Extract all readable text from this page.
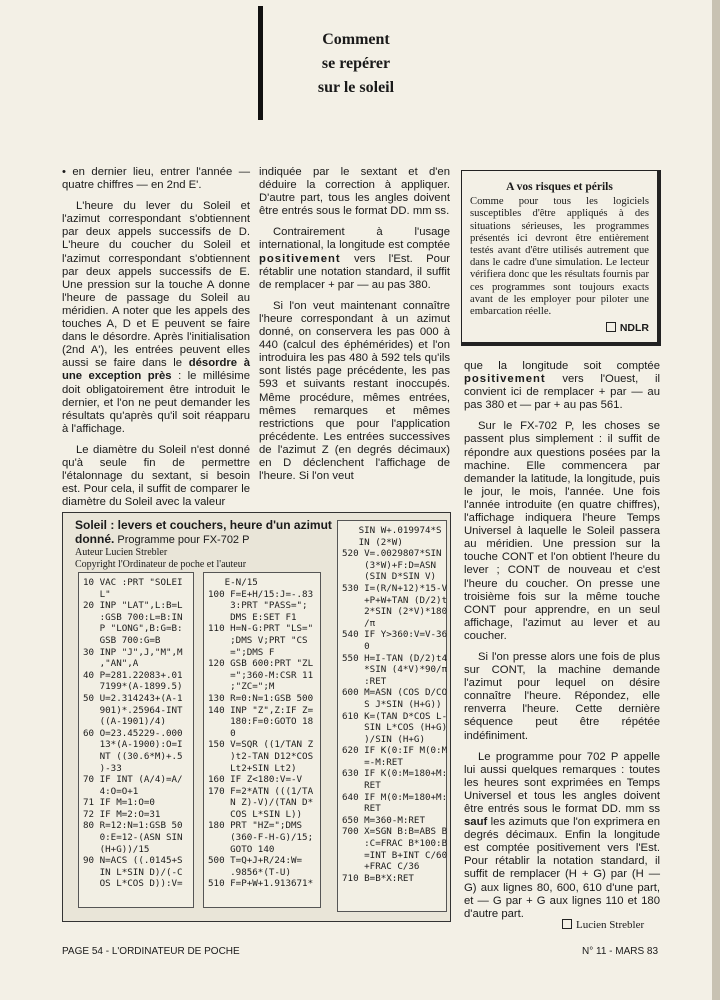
Comment
se repérer
sur le soleil

• en dernier lieu, entrer l'année — quatre chiffres — en 2nd E'.

L'heure du lever du Soleil et l'azimut correspondant s'obtiennent par deux appels successifs de D. L'heure du coucher du Soleil et l'azimut correspondant s'obtiennent par deux appels successifs de E. Une pression sur la touche A donne l'heure de passage du Soleil au méridien. A noter que les appels des touches A, D et E peuvent se faire dans le désordre. Après l'initialisation (2nd A'), les entrées peuvent elles aussi se faire dans le désordre à une exception près : le millésime doit obligatoirement être introduit le dernier, et l'on ne peut demander les résultats qu'après qu'il soit réapparu à l'affichage.

Le diamètre du Soleil n'est donné qu'à seule fin de permettre l'étalonnage du sextant, si besoin est. Pour cela, il suffit de comparer le diamètre du Soleil avec la valeur

indiquée par le sextant et d'en déduire la correction à appliquer. D'autre part, tous les angles doivent être entrés sous le format DD. mm ss.

Contrairement à l'usage international, la longitude est comptée positivement vers l'Est. Pour rétablir une notation standard, il suffit de remplacer + par — au pas 380.

Si l'on veut maintenant connaître l'heure correspondant à un azimut donné, on conservera les pas 000 à 440 (calcul des éphémérides) et l'on introduira les pas 480 à 592 tels qu'ils sont listés page précédente, les pas 593 et suivants restant inoccupés. Même procédure, mêmes entrées, mêmes remarques et mêmes restrictions que pour l'application précédente. Les entrées successives de l'azimut Z (en degrés décimaux) en D déclenchent l'affichage de l'heure. Si l'on veut

A vos risques et périls
Comme pour tous les logiciels susceptibles d'être appliqués à des situations sérieuses, les programmes présentés ici devront être entièrement testés avant d'être utilisés autrement que dans le cadre d'une simulation. Le lecteur vérifiera donc que les résultats fournis par ces programmes sont toujours exacts avant de les employer pour piloter une embarcation réelle.
NDLR

que la longitude soit comptée positivement vers l'Ouest, il convient ici de remplacer + par — au pas 380 et — par + au pas 561.

Sur le FX-702 P, les choses se passent plus simplement : il suffit de répondre aux questions posées par la machine. Elle commencera par demander la latitude, la longitude, puis le jour, le mois, l'année. Une fois l'année introduite (en quatre chiffres), l'affichage indiquera l'heure Temps Universel à laquelle le Soleil passera au méridien. Une pression sur la touche CONT et l'on obtient l'heure du lever ; CONT de nouveau et c'est l'heure du coucher. On presse une troisième fois sur la même touche CONT pour apprendre, en un seul affichage, l'azimut au lever et au coucher.

Si l'on presse alors une fois de plus sur CONT, la machine demande l'azimut pour lequel on désire connaître l'heure. Répondez, elle renverra l'heure. Cette dernière séquence peut être répétée indéfiniment.

Le programme pour 702 P appelle lui aussi quelques remarques : toutes les heures sont exprimées en Temps Universel et tous les angles doivent être entrés sous le format DD. mm ss sauf les azimuts que l'on exprimera en degrés décimaux. Enfin la longitude est comptée positivement vers l'Est. Pour rétablir la notation standard, il suffit de remplacer (H + G) par (H — G) aux lignes 80, 600, 610 d'une part, et — G par + G aux lignes 110 et 180 d'autre part.

Lucien Strebler
Soleil : levers et couchers, heure d'un azimut donné. Programme pour FX-702 P
Auteur Lucien Strebler
Copyright l'Ordinateur de poche et l'auteur
10 VAC :PRT "SOLEI
L"
20 INP "LAT",L:B=L
:GSB 700:L=B:IN
P "LONG",B:G=B:
GSB 700:G=B
30 INP "J",J,"M",M
,"AN",A
40 P=281.22083+.01
7199*(A-1899.5)
50 U=2.314243+(A-1
901)*.25964-INT
((A-1901)/4)
60 O=23.45229-.000
13*(A-1900):O=I
NT ((30.6*M)+.5
)-33
70 IF INT (A/4)=A/
4:O=O+1
71 IF M=1:O=0
72 IF M=2:O=31
80 R=12:N=1:GSB 50
0:E=12-(ASN SIN
(H+G))/15
90 N=ACS ((.0145+S
IN L*SIN D)/(-C
OS L*COS D)):V=
E-N/15
100 F=E+H/15:J=-.83
3:PRT "PASS=";
DMS E:SET F1
110 H=N-G:PRT "LS="
;DMS V;PRT "CS
=";DMS F
120 GSB 600:PRT "ZL
=";360-M:CSR 11
;"ZC=";M
130 R=0:N=1:GSB 500
140 INP "Z",Z:IF Z=
180:F=0:GOTO 18
0
150 V=SQR ((1/TAN Z
)t2-TAN D12*COS
Lt2+SIN Lt2)
160 IF Z<180:V=-V
170 F=2*ATN (((1/TA
N Z)-V)/(TAN D*
COS L*SIN L))
180 PRT "HZ=";DMS
(360-F-H-G)/15;
GOTO 140
500 T=Q+J+R/24:W=
.9856*(T-U)
510 F=P+W+1.913671*
SIN W+.019974*S
IN (2*W)
520 V=.0029807*SIN
(3*W)+F:D=ASN
(SIN D*SIN V)
530 I=(R/N+12)*15-V
+P+W+TAN (D/2)t
2*SIN (2*V)*180
/π
540 IF Y>360:V=V-36
0
550 H=I-TAN (D/2)t4
*SIN (4*V)*90/π
:RET
600 M=ASN (COS D/CO
S J*SIN (H+G))
610 K=(TAN D*COS L-
SIN L*COS (H+G)
)/SIN (H+G)
620 IF K(0:IF M(0:M
=-M:RET
630 IF K(0:M=180+M:
RET
640 IF M(0:M=180+M:
RET
650 M=360-M:RET
700 X=SGN B:B=ABS B
:C=FRAC B*100:B
=INT B+INT C/60
+FRAC C/36
710 B=B*X:RET
PAGE 54 - L'ORDINATEUR DE POCHE	N° 11 - MARS 83
